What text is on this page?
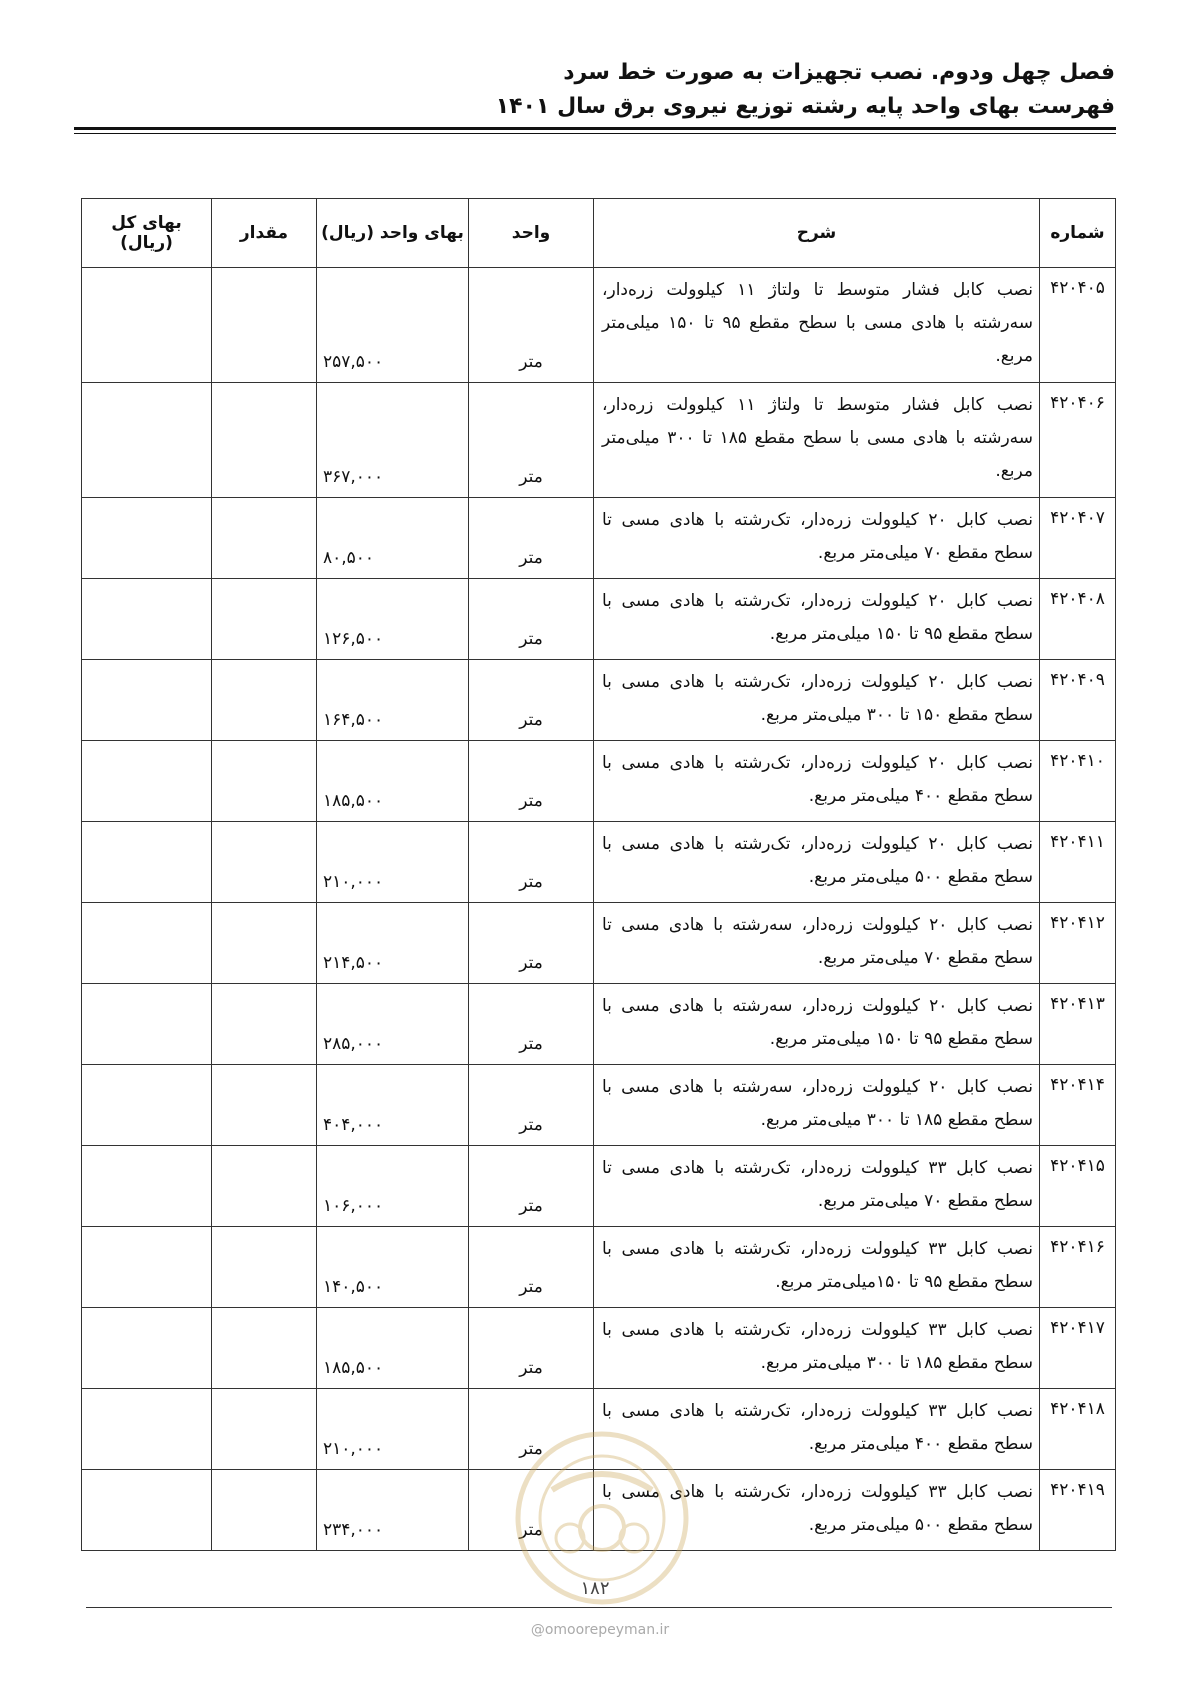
فصل چهل ودوم. نصب تجهیزات به صورت خط سرد
فهرست بهای واحد پایه رشته توزیع نیروی برق سال ۱۴۰۱
شماره	شرح	واحد	بهای واحد (ریال)	مقدار	بهای کل (ریال)
۴۲۰۴۰۵	نصب کابل فشار متوسط تا ولتاژ ۱۱ کیلوولت زره‌دار، سه‌رشته با هادی مسی با سطح مقطع ۹۵ تا ۱۵۰ میلی‌متر مربع.	متر	۲۵۷,۵۰۰		
۴۲۰۴۰۶	نصب کابل فشار متوسط تا ولتاژ ۱۱ کیلوولت زره‌دار، سه‌رشته با هادی مسی با سطح مقطع ۱۸۵ تا ۳۰۰ میلی‌متر مربع.	متر	۳۶۷,۰۰۰		
۴۲۰۴۰۷	نصب کابل ۲۰ کیلوولت زره‌دار، تک‌رشته با هادی مسی تا سطح مقطع ۷۰ میلی‌متر مربع.	متر	۸۰,۵۰۰		
۴۲۰۴۰۸	نصب کابل ۲۰ کیلوولت زره‌دار، تک‌رشته با هادی مسی با سطح مقطع ۹۵ تا ۱۵۰ میلی‌متر مربع.	متر	۱۲۶,۵۰۰		
۴۲۰۴۰۹	نصب کابل ۲۰ کیلوولت زره‌دار، تک‌رشته با هادی مسی با سطح مقطع ۱۵۰ تا ۳۰۰ میلی‌متر مربع.	متر	۱۶۴,۵۰۰		
۴۲۰۴۱۰	نصب کابل ۲۰ کیلوولت زره‌دار، تک‌رشته با هادی مسی با سطح مقطع ۴۰۰ میلی‌متر مربع.	متر	۱۸۵,۵۰۰		
۴۲۰۴۱۱	نصب کابل ۲۰ کیلوولت زره‌دار، تک‌رشته با هادی مسی با سطح مقطع ۵۰۰ میلی‌متر مربع.	متر	۲۱۰,۰۰۰		
۴۲۰۴۱۲	نصب کابل ۲۰ کیلوولت زره‌دار، سه‌رشته با هادی مسی تا سطح مقطع ۷۰ میلی‌متر مربع.	متر	۲۱۴,۵۰۰		
۴۲۰۴۱۳	نصب کابل ۲۰ کیلوولت زره‌دار، سه‌رشته با هادی مسی با سطح مقطع ۹۵ تا ۱۵۰ میلی‌متر مربع.	متر	۲۸۵,۰۰۰		
۴۲۰۴۱۴	نصب کابل ۲۰ کیلوولت زره‌دار، سه‌رشته با هادی مسی با سطح مقطع ۱۸۵ تا ۳۰۰ میلی‌متر مربع.	متر	۴۰۴,۰۰۰		
۴۲۰۴۱۵	نصب کابل ۳۳ کیلوولت زره‌دار، تک‌رشته با هادی مسی تا سطح مقطع ۷۰ میلی‌متر مربع.	متر	۱۰۶,۰۰۰		
۴۲۰۴۱۶	نصب کابل ۳۳ کیلوولت زره‌دار، تک‌رشته با هادی مسی با سطح مقطع ۹۵ تا ۱۵۰میلی‌متر مربع.	متر	۱۴۰,۵۰۰		
۴۲۰۴۱۷	نصب کابل ۳۳ کیلوولت زره‌دار، تک‌رشته با هادی مسی با سطح مقطع ۱۸۵ تا ۳۰۰ میلی‌متر مربع.	متر	۱۸۵,۵۰۰		
۴۲۰۴۱۸	نصب کابل ۳۳ کیلوولت زره‌دار، تک‌رشته با هادی مسی با سطح مقطع ۴۰۰ میلی‌متر مربع.	متر	۲۱۰,۰۰۰		
۴۲۰۴۱۹	نصب کابل ۳۳ کیلوولت زره‌دار، تک‌رشته با هادی مسی با سطح مقطع ۵۰۰ میلی‌متر مربع.	متر	۲۳۴,۰۰۰		
۱۸۲
@omoorepeyman.ir
